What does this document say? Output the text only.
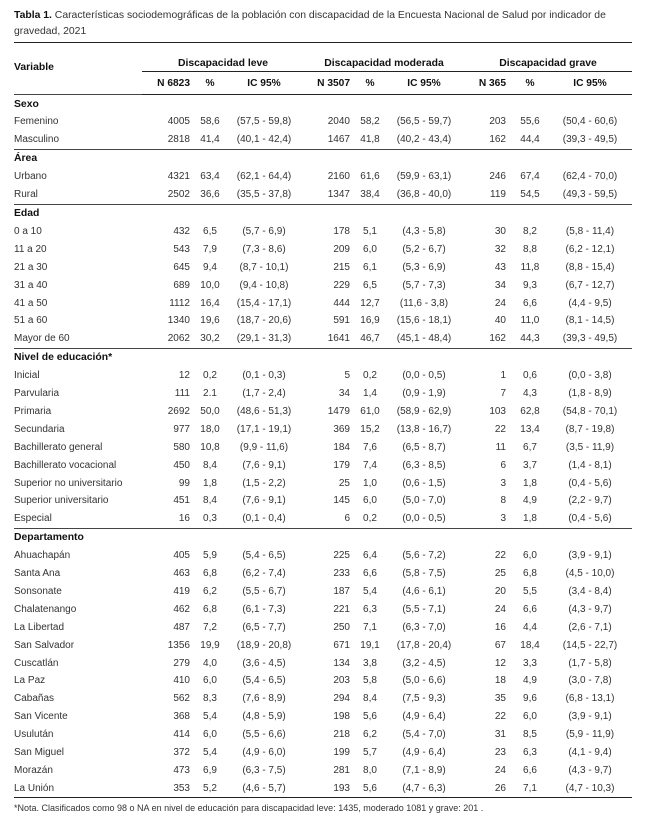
Tabla 1. Características sociodemográficas de la población con discapacidad de la Encuesta Nacional de Salud por indicador de gravedad, 2021

Variable	Discapacidad leve			Discapacidad moderada			Discapacidad grave		
	N 6823	%	IC 95%	N 3507	%	IC 95%	N 365	%	IC 95%
Sexo									
Femenino	4005	58,6	(57,5 - 59,8)	2040	58,2	(56,5 - 59,7)	203	55,6	(50,4 - 60,6)
Masculino	2818	41,4	(40,1 - 42,4)	1467	41,8	(40,2 - 43,4)	162	44,4	(39,3 - 49,5)
Área									
Urbano	4321	63,4	(62,1 - 64,4)	2160	61,6	(59,9 - 63,1)	246	67,4	(62,4 - 70,0)
Rural	2502	36,6	(35,5 - 37,8)	1347	38,4	(36,8 - 40,0)	119	54,5	(49,3 - 59,5)
Edad									
0 a 10	432	6,5	(5,7 - 6,9)	178	5,1	(4,3 - 5,8)	30	8,2	(5,8 - 11,4)
11 a 20	543	7,9	(7,3 - 8,6)	209	6,0	(5,2 - 6,7)	32	8,8	(6,2 - 12,1)
21 a 30	645	9,4	(8,7 - 10,1)	215	6,1	(5,3 - 6,9)	43	11,8	(8,8 - 15,4)
31 a 40	689	10,0	(9,4 - 10,8)	229	6,5	(5,7 - 7,3)	34	9,3	(6,7 - 12,7)
41 a 50	1112	16,4	(15,4 - 17,1)	444	12,7	(11,6 - 3,8)	24	6,6	(4,4 - 9,5)
51 a 60	1340	19,6	(18,7 - 20,6)	591	16,9	(15,6 - 18,1)	40	11,0	(8,1 - 14,5)
Mayor de 60	2062	30,2	(29,1 - 31,3)	1641	46,7	(45,1 - 48,4)	162	44,3	(39,3 - 49,5)
Nivel de educación*									
Inicial	12	0,2	(0,1 - 0,3)	5	0,2	(0,0 - 0,5)	1	0,6	(0,0 - 3,8)
Parvularia	111	2.1	(1,7 - 2,4)	34	1,4	(0,9 - 1,9)	7	4,3	(1,8 - 8,9)
Primaria	2692	50,0	(48,6 - 51,3)	1479	61,0	(58,9 - 62,9)	103	62,8	(54,8 - 70,1)
Secundaria	977	18,0	(17,1 - 19,1)	369	15,2	(13,8 - 16,7)	22	13,4	(8,7 - 19,8)
Bachillerato general	580	10,8	(9,9 - 11,6)	184	7,6	(6,5 - 8,7)	11	6,7	(3,5 - 11,9)
Bachillerato vocacional	450	8,4	(7,6 - 9,1)	179	7,4	(6,3 - 8,5)	6	3,7	(1,4 - 8,1)
Superior no universitario	99	1,8	(1,5 - 2,2)	25	1,0	(0,6 - 1,5)	3	1,8	(0,4 - 5,6)
Superior universitario	451	8,4	(7,6 - 9,1)	145	6,0	(5,0 - 7,0)	8	4,9	(2,2 - 9,7)
Especial	16	0,3	(0,1 - 0,4)	6	0,2	(0,0 - 0,5)	3	1,8	(0,4 - 5,6)
Departamento									
Ahuachapán	405	5,9	(5,4 - 6,5)	225	6,4	(5,6 - 7,2)	22	6,0	(3,9 - 9,1)
Santa Ana	463	6,8	(6,2 - 7,4)	233	6,6	(5,8 - 7,5)	25	6,8	(4,5 - 10,0)
Sonsonate	419	6,2	(5,5 - 6,7)	187	5,4	(4,6 - 6,1)	20	5,5	(3,4 - 8,4)
Chalatenango	462	6,8	(6,1 - 7,3)	221	6,3	(5,5 - 7,1)	24	6,6	(4,3 - 9,7)
La Libertad	487	7,2	(6,5 - 7,7)	250	7,1	(6,3 - 7,0)	16	4,4	(2,6 - 7,1)
San Salvador	1356	19,9	(18,9 - 20,8)	671	19,1	(17,8 - 20,4)	67	18,4	(14,5 - 22,7)
Cuscatlán	279	4,0	(3,6 - 4,5)	134	3,8	(3,2 - 4,5)	12	3,3	(1,7 - 5,8)
La Paz	410	6,0	(5,4 - 6,5)	203	5,8	(5,0 - 6,6)	18	4,9	(3,0 - 7,8)
Cabañas	562	8,3	(7,6 - 8,9)	294	8,4	(7,5 - 9,3)	35	9,6	(6,8 - 13,1)
San Vicente	368	5,4	(4,8 - 5,9)	198	5,6	(4,9 - 6,4)	22	6,0	(3,9 - 9,1)
Usulután	414	6,0	(5,5 - 6,6)	218	6,2	(5,4 - 7,0)	31	8,5	(5,9 - 11,9)
San Miguel	372	5,4	(4,9 - 6,0)	199	5,7	(4,9 - 6,4)	23	6,3	(4,1 - 9,4)
Morazán	473	6,9	(6,3 - 7,5)	281	8,0	(7,1 - 8,9)	24	6,6	(4,3 - 9,7)
La Unión	353	5,2	(4,6 - 5,7)	193	5,6	(4,7 - 6,3)	26	7,1	(4,7 - 10,3)
*Nota. Clasificados como 98 o NA en nivel de educación para discapacidad leve: 1435, moderado 1081 y grave: 201 .
